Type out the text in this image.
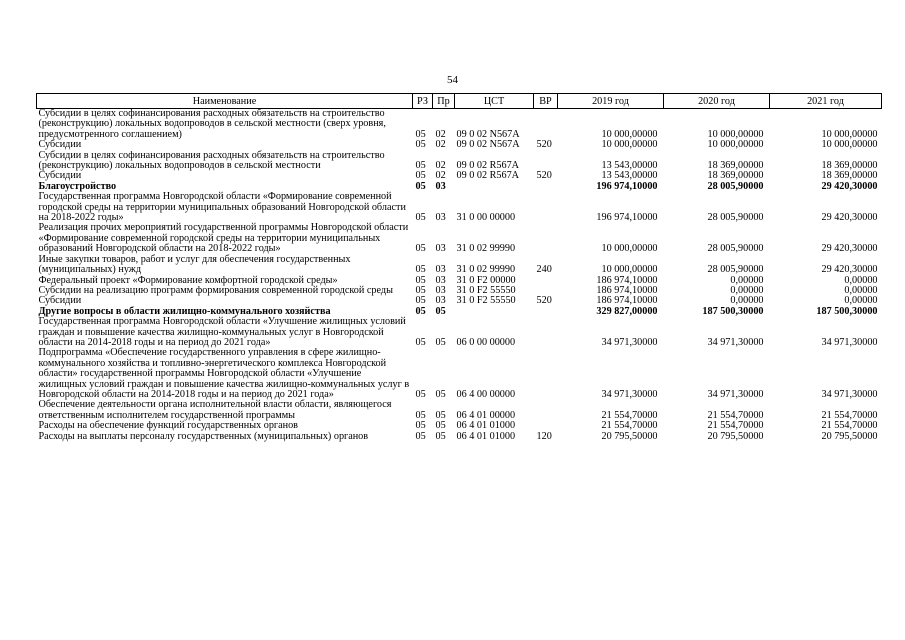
54
Наименование	РЗ	Пр	ЦСТ	ВР	2019 год	2020 год	2021 год
Субсидии в целях софинансирования расходных обязательств на строительство (реконструкцию) локальных водопроводов в сельской местности (сверх уровня, предусмотренного соглашением)	05	02	09 0 02 N567A		10 000,00000	10 000,00000	10 000,00000
Субсидии	05	02	09 0 02 N567A	520	10 000,00000	10 000,00000	10 000,00000
Субсидии в целях софинансирования расходных обязательств на строительство (реконструкцию) локальных водопроводов в сельской местности	05	02	09 0 02 R567A		13 543,00000	18 369,00000	18 369,00000
Субсидии	05	02	09 0 02 R567A	520	13 543,00000	18 369,00000	18 369,00000
Благоустройство	05	03			196 974,10000	28 005,90000	29 420,30000
Государственная программа Новгородской области «Формирование современной городской среды на территории муниципальных образований Новгородской области на 2018-2022 годы»	05	03	31 0 00 00000		196 974,10000	28 005,90000	29 420,30000
Реализация прочих мероприятий государственной программы Новгородской области «Формирование современной городской среды на территории муниципальных образований Новгородской области на 2018-2022 годы»	05	03	31 0 02 99990		10 000,00000	28 005,90000	29 420,30000
Иные закупки товаров, работ и услуг для обеспечения государственных (муниципальных) нужд	05	03	31 0 02 99990	240	10 000,00000	28 005,90000	29 420,30000
Федеральный проект «Формирование комфортной городской среды»	05	03	31 0 F2 00000		186 974,10000	0,00000	0,00000
Субсидии на реализацию программ формирования современной городской среды	05	03	31 0 F2 55550		186 974,10000	0,00000	0,00000
Субсидии	05	03	31 0 F2 55550	520	186 974,10000	0,00000	0,00000
Другие вопросы в области жилищно-коммунального хозяйства	05	05			329 827,00000	187 500,30000	187 500,30000
Государственная программа Новгородской области «Улучшение жилищных условий граждан и повышение качества жилищно-коммунальных услуг в Новгородской области на 2014-2018 годы и на период до 2021 года»	05	05	06 0 00 00000		34 971,30000	34 971,30000	34 971,30000
Подпрограмма «Обеспечение государственного управления в сфере жилищно-коммунального хозяйства и топливно-энергетического комплекса Новгородской области» государственной программы Новгородской области «Улучшение жилищных условий граждан и повышение качества жилищно-коммунальных услуг в Новгородской области на 2014-2018 годы и на период до 2021 года»	05	05	06 4 00 00000		34 971,30000	34 971,30000	34 971,30000
Обеспечение деятельности органа исполнительной власти области, являющегося ответственным исполнителем государственной программы	05	05	06 4 01 00000		21 554,70000	21 554,70000	21 554,70000
Расходы на обеспечение функций государственных органов	05	05	06 4 01 01000		21 554,70000	21 554,70000	21 554,70000
Расходы на выплаты персоналу государственных (муниципальных) органов	05	05	06 4 01 01000	120	20 795,50000	20 795,50000	20 795,50000
